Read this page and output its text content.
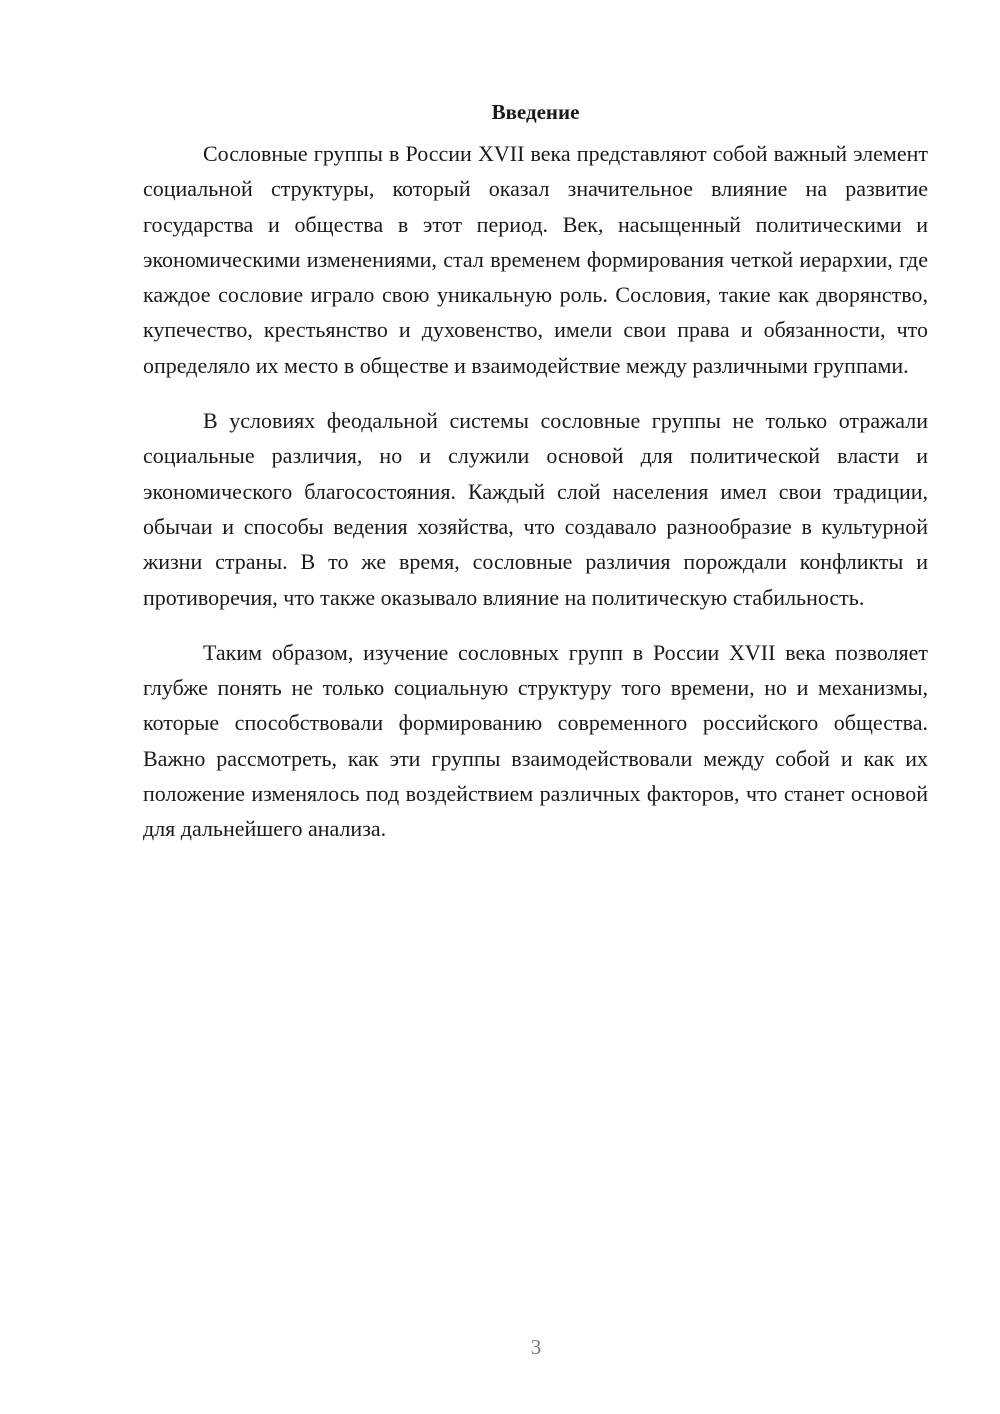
Введение

Сословные группы в России XVII века представляют собой важный элемент социальной структуры, который оказал значительное влияние на развитие государства и общества в этот период. Век, насыщенный политическими и экономическими изменениями, стал временем формирования четкой иерархии, где каждое сословие играло свою уникальную роль. Сословия, такие как дворянство, купечество, крестьянство и духовенство, имели свои права и обязанности, что определяло их место в обществе и взаимодействие между различными группами.

В условиях феодальной системы сословные группы не только отражали социальные различия, но и служили основой для политической власти и экономического благосостояния. Каждый слой населения имел свои традиции, обычаи и способы ведения хозяйства, что создавало разнообразие в культурной жизни страны. В то же время, сословные различия порождали конфликты и противоречия, что также оказывало влияние на политическую стабильность.

Таким образом, изучение сословных групп в России XVII века позволяет глубже понять не только социальную структуру того времени, но и механизмы, которые способствовали формированию современного российского общества. Важно рассмотреть, как эти группы взаимодействовали между собой и как их положение изменялось под воздействием различных факторов, что станет основой для дальнейшего анализа.

3
